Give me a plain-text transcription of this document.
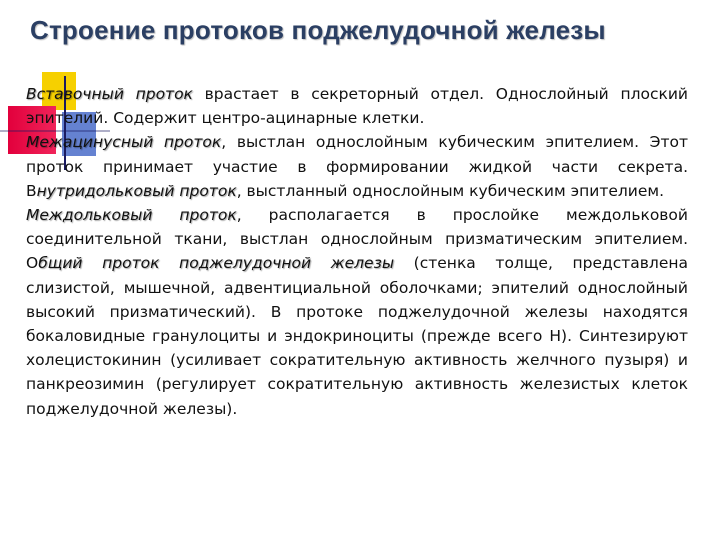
Строение протоков поджелудочной железы

Вставочный проток врастает в секреторный отдел. Однослойный плоский эпителий. Содержит центро-ацинарные клетки.

Межацинусный проток, выстлан однослойным кубическим эпителием. Этот проток принимает участие в формировании жидкой части секрета. Внутридольковый проток, выстланный однослойным кубическим эпителием.

Междольковый проток, располагается в прослойке междольковой соединительной ткани, выстлан однослойным призматическим эпителием. Общий проток поджелудочной железы (стенка толще, представлена слизистой, мышечной, адвентициальной оболочками; эпителий однослойный высокий призматический). В протоке поджелудочной железы находятся бокаловидные гранулоциты и эндокриноциты (прежде всего Н). Синтезируют холецистокинин (усиливает сократительную активность желчного пузыря) и панкреозимин (регулирует сократительную активность железистых клеток поджелудочной железы).
